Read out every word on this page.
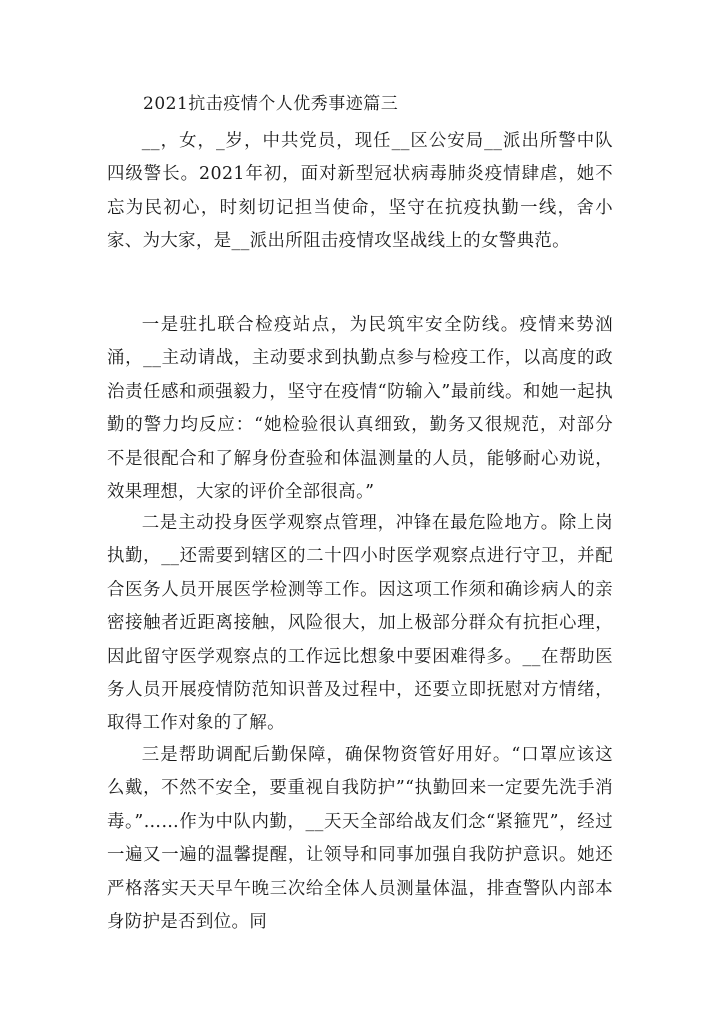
2021抗击疫情个人优秀事迹篇三

__，女，_岁，中共党员，现任__区公安局__派出所警中队四级警长。2021年初，面对新型冠状病毒肺炎疫情肆虐，她不忘为民初心，时刻切记担当使命，坚守在抗疫执勤一线，舍小家、为大家，是__派出所阻击疫情攻坚战线上的女警典范。

一是驻扎联合检疫站点，为民筑牢安全防线。疫情来势汹涌，__主动请战，主动要求到执勤点参与检疫工作，以高度的政治责任感和顽强毅力，坚守在疫情“防输入”最前线。和她一起执勤的警力均反应：“她检验很认真细致，勤务又很规范，对部分不是很配合和了解身份查验和体温测量的人员，能够耐心劝说，效果理想，大家的评价全部很高。”

二是主动投身医学观察点管理，冲锋在最危险地方。除上岗执勤，__还需要到辖区的二十四小时医学观察点进行守卫，并配合医务人员开展医学检测等工作。因这项工作须和确诊病人的亲密接触者近距离接触，风险很大，加上极部分群众有抗拒心理，因此留守医学观察点的工作远比想象中要困难得多。__在帮助医务人员开展疫情防范知识普及过程中，还要立即抚慰对方情绪，取得工作对象的了解。

三是帮助调配后勤保障，确保物资管好用好。“口罩应该这么戴，不然不安全，要重视自我防护”“执勤回来一定要先洗手消毒。”……作为中队内勤，__天天全部给战友们念“紧箍咒”，经过一遍又一遍的温馨提醒，让领导和同事加强自我防护意识。她还严格落实天天早午晚三次给全体人员测量体温，排查警队内部本身防护是否到位。同
